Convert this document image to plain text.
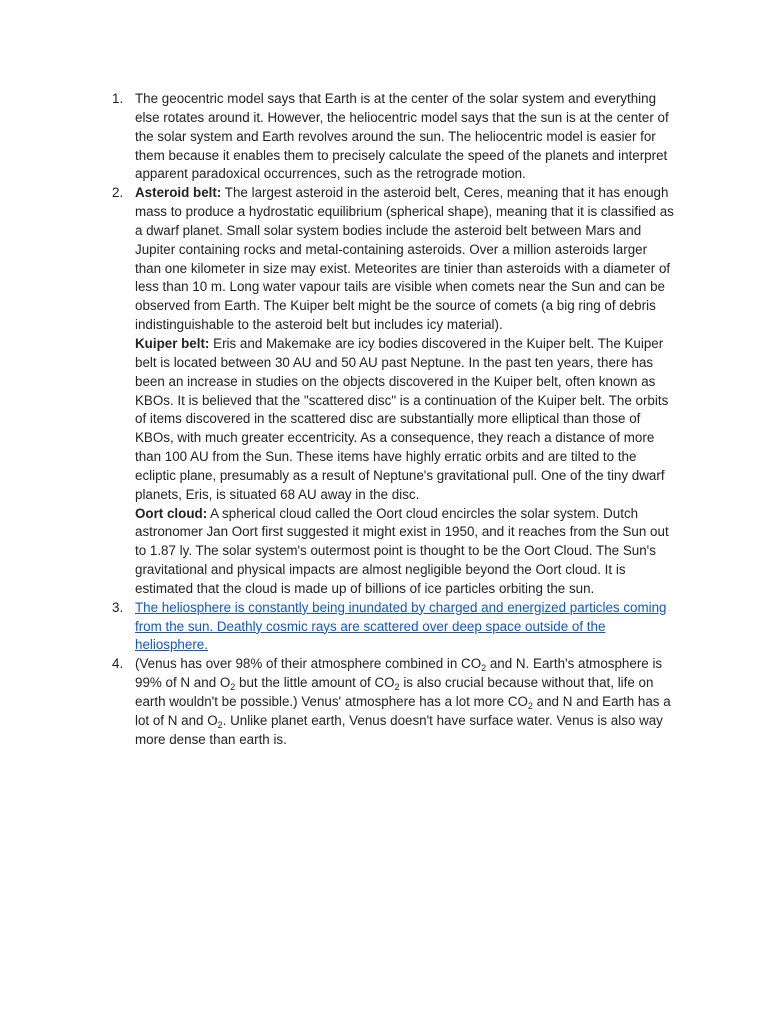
1. The geocentric model says that Earth is at the center of the solar system and everything else rotates around it. However, the heliocentric model says that the sun is at the center of the solar system and Earth revolves around the sun. The heliocentric model is easier for them because it enables them to precisely calculate the speed of the planets and interpret apparent paradoxical occurrences, such as the retrograde motion.

2. Asteroid belt: The largest asteroid in the asteroid belt, Ceres, meaning that it has enough mass to produce a hydrostatic equilibrium (spherical shape), meaning that it is classified as a dwarf planet. Small solar system bodies include the asteroid belt between Mars and Jupiter containing rocks and metal-containing asteroids. Over a million asteroids larger than one kilometer in size may exist. Meteorites are tinier than asteroids with a diameter of less than 10 m. Long water vapour tails are visible when comets near the Sun and can be observed from Earth. The Kuiper belt might be the source of comets (a big ring of debris indistinguishable to the asteroid belt but includes icy material).

Kuiper belt: Eris and Makemake are icy bodies discovered in the Kuiper belt. The Kuiper belt is located between 30 AU and 50 AU past Neptune. In the past ten years, there has been an increase in studies on the objects discovered in the Kuiper belt, often known as KBOs. It is believed that the "scattered disc" is a continuation of the Kuiper belt. The orbits of items discovered in the scattered disc are substantially more elliptical than those of KBOs, with much greater eccentricity. As a consequence, they reach a distance of more than 100 AU from the Sun. These items have highly erratic orbits and are tilted to the ecliptic plane, presumably as a result of Neptune's gravitational pull. One of the tiny dwarf planets, Eris, is situated 68 AU away in the disc.

Oort cloud: A spherical cloud called the Oort cloud encircles the solar system. Dutch astronomer Jan Oort first suggested it might exist in 1950, and it reaches from the Sun out to 1.87 ly. The solar system's outermost point is thought to be the Oort Cloud. The Sun's gravitational and physical impacts are almost negligible beyond the Oort cloud. It is estimated that the cloud is made up of billions of ice particles orbiting the sun.

3. The heliosphere is constantly being inundated by charged and energized particles coming from the sun. Deathly cosmic rays are scattered over deep space outside of the heliosphere.

4. (Venus has over 98% of their atmosphere combined in $CO_2$ and N. Earth's atmosphere is 99% of N and $O_2$ but the little amount of $CO_2$ is also crucial because without that, life on earth wouldn't be possible.) Venus' atmosphere has a lot more $CO_2$ and N and Earth has a lot of N and $O_2$. Unlike planet earth, Venus doesn't have surface water. Venus is also way more dense than earth is.
